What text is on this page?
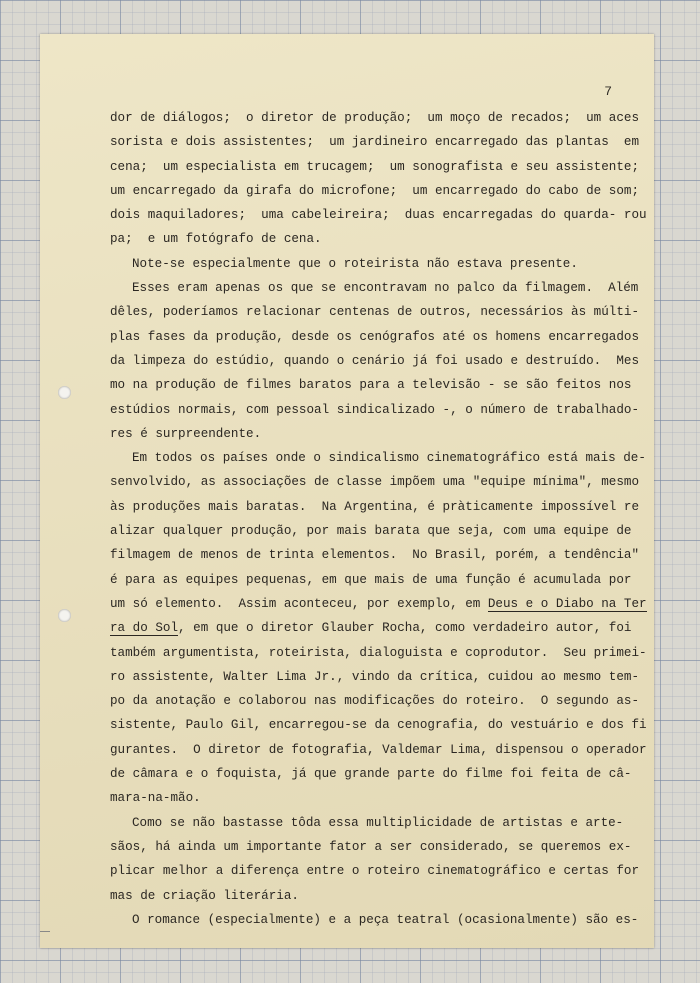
7
dor de diálogos;  o diretor de produção;  um moço de recados;  um aces
sorista e dois assistentes;  um jardineiro encarregado das plantas  em
cena;  um especialista em trucagem;  um sonografista e seu assistente;
um encarregado da girafa do microfone;  um encarregado do cabo de som;
dois maquiladores;  uma cabeleireira;  duas encarregadas do quarda- rou
pa;  e um fotógrafo de cena.
Note-se especialmente que o roteirista não estava presente.
Esses eram apenas os que se encontravam no palco da filmagem.  Além
dêles, poderíamos relacionar centenas de outros, necessários às múlti-
plas fases da produção, desde os cenógrafos até os homens encarregados
da limpeza do estúdio, quando o cenário já foi usado e destruído.  Mes
mo na produção de filmes baratos para a televisão - se são feitos nos
estúdios normais, com pessoal sindicalizado -, o número de trabalhado-
res é surpreendente.
Em todos os países onde o sindicalismo cinematográfico está mais de-
senvolvido, as associações de classe impõem uma "equipe mínima", mesmo
às produções mais baratas.  Na Argentina, é pràticamente impossível re
alizar qualquer produção, por mais barata que seja, com uma equipe de
filmagem de menos de trinta elementos.  No Brasil, porém, a tendência"
é para as equipes pequenas, em que mais de uma função é acumulada por
um só elemento.  Assim aconteceu, por exemplo, em Deus e o Diabo na Ter
ra do Sol, em que o diretor Glauber Rocha, como verdadeiro autor, foi
também argumentista, roteirista, dialoguista e coprodutor.  Seu primei-
ro assistente, Walter Lima Jr., vindo da crítica, cuidou ao mesmo tem-
po da anotação e colaborou nas modificações do roteiro.  O segundo as-
sistente, Paulo Gil, encarregou-se da cenografia, do vestuário e dos fi
gurantes.  O diretor de fotografia, Valdemar Lima, dispensou o operador
de câmara e o foquista, já que grande parte do filme foi feita de câ-
mara-na-mão.
Como se não bastasse tôda essa multiplicidade de artistas e arte-
sãos, há ainda um importante fator a ser considerado, se queremos ex-
plicar melhor a diferença entre o roteiro cinematográfico e certas for
mas de criação literária.
O romance (especialmente) e a peça teatral (ocasionalmente) são es-
